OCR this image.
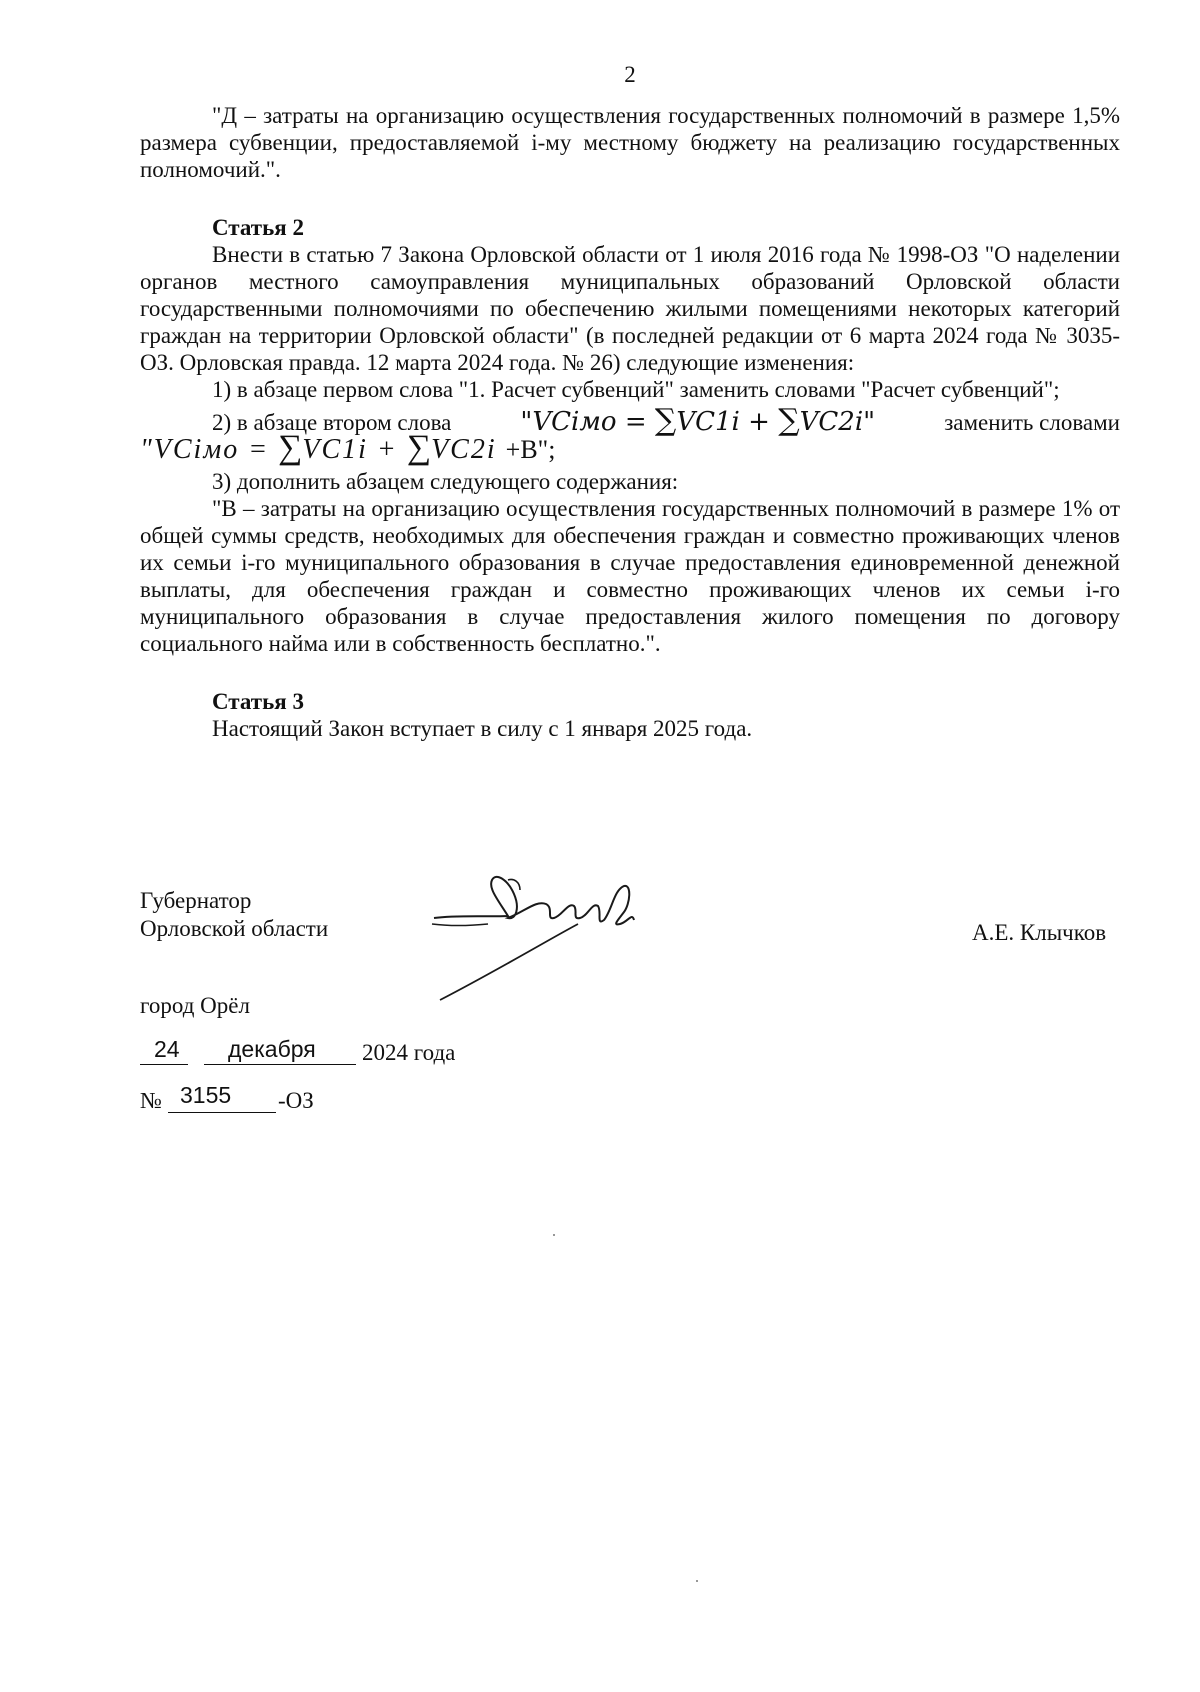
2

"Д – затраты на организацию осуществления государственных полномочий в размере 1,5% размера субвенции, предоставляемой i-му местному бюджету на реализацию государственных полномочий.".

Статья 2

Внести в статью 7 Закона Орловской области от 1 июля 2016 года № 1998-ОЗ "О наделении органов местного самоуправления муниципальных образований Орловской области государственными полномочиями по обеспечению жилыми помещениями некоторых категорий граждан на территории Орловской области" (в последней редакции от 6 марта 2024 года № 3035-ОЗ. Орловская правда. 12 марта 2024 года. № 26) следующие изменения:

1) в абзаце первом слова "1. Расчет субвенций" заменить словами "Расчет субвенций";

2) в абзаце втором слова	"VCiмо = ∑VC1i + ∑VC2i"	заменить словами

"VCiмо = ∑VC1i + ∑VC2i +B";

3) дополнить абзацем следующего содержания:

"В – затраты на организацию осуществления государственных полномочий в размере 1% от общей суммы средств, необходимых для обеспечения граждан и совместно проживающих членов их семьи i-го муниципального образования в случае предоставления единовременной денежной выплаты, для обеспечения граждан и совместно проживающих членов их семьи i-го муниципального образования в случае предоставления жилого помещения по договору социального найма или в собственность бесплатно.".

Статья 3

Настоящий Закон вступает в силу с 1 января 2025 года.

Губернатор
Орловской области	А.Е. Клычков
город Орёл
24 декабря 2024 года
№ 3155 -ОЗ
